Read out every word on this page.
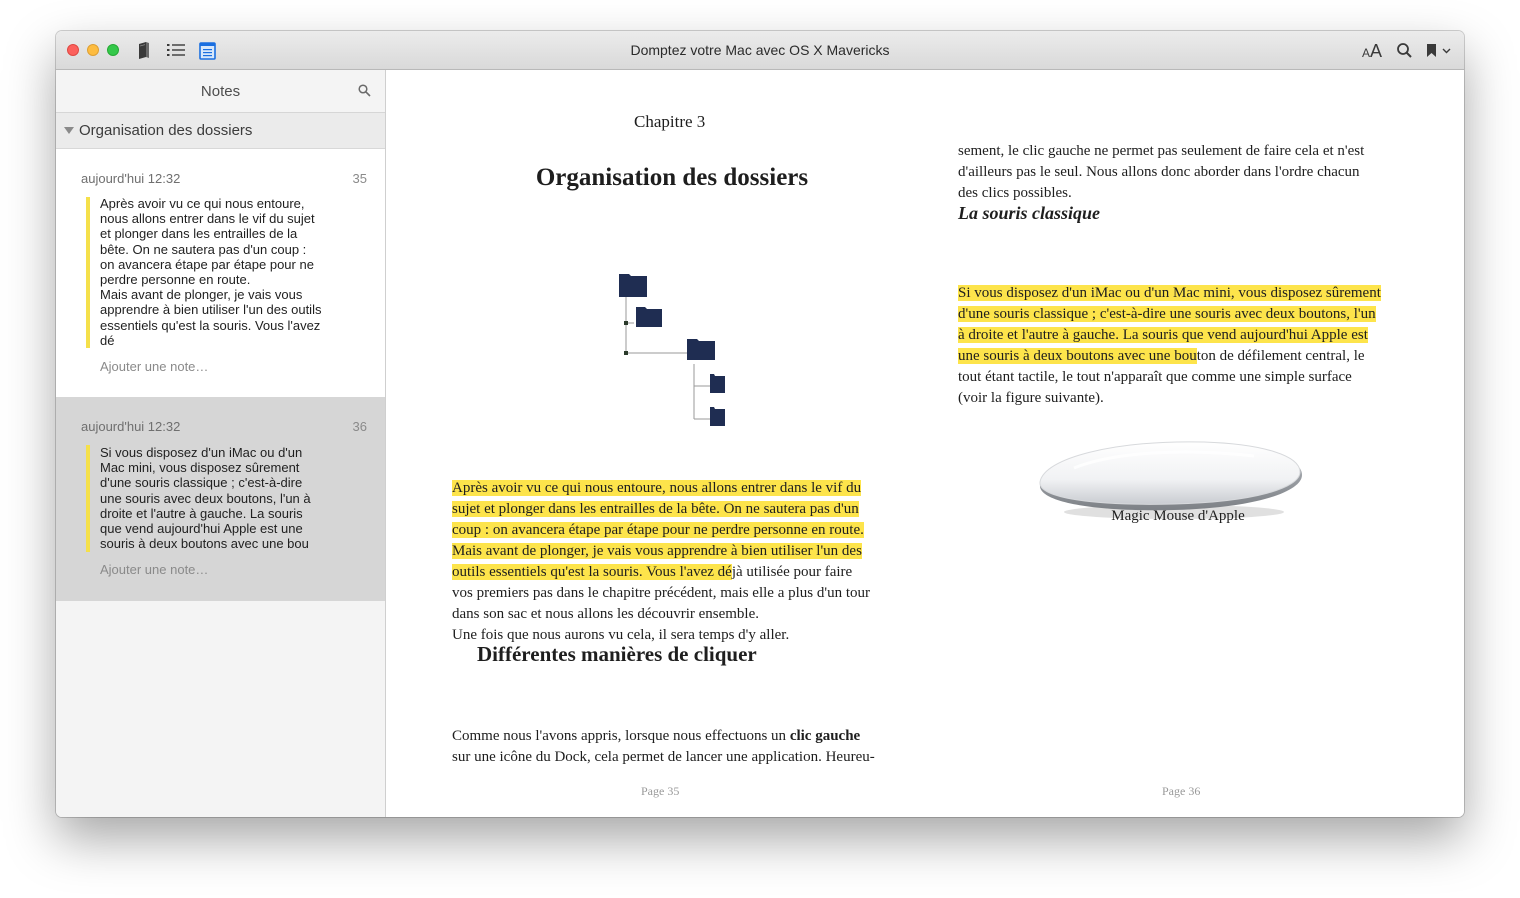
Domptez votre Mac avec OS X Mavericks	AA
Notes
Organisation des dossiers
aujourd'hui 12:32	35
Après avoir vu ce qui nous entoure,
nous allons entrer dans le vif du sujet
et plonger dans les entrailles de la
bête. On ne sautera pas d'un coup :
on avancera étape par étape pour ne
perdre personne en route.
Mais avant de plonger, je vais vous
apprendre à bien utiliser l'un des outils
essentiels qu'est la souris. Vous l'avez
dé
Ajouter une note…
aujourd'hui 12:32	36
Si vous disposez d'un iMac ou d'un
Mac mini, vous disposez sûrement
d'une souris classique ; c'est-à-dire
une souris avec deux boutons, l'un à
droite et l'autre à gauche. La souris
que vend aujourd'hui Apple est une
souris à deux boutons avec une bou
Ajouter une note…
Chapitre 3
Organisation des dossiers
Après avoir vu ce qui nous entoure, nous allons entrer dans le vif du
sujet et plonger dans les entrailles de la bête. On ne sautera pas d'un
coup : on avancera étape par étape pour ne perdre personne en route.
Mais avant de plonger, je vais vous apprendre à bien utiliser l'un des
outils essentiels qu'est la souris. Vous l'avez déjà utilisée pour faire
vos premiers pas dans le chapitre précédent, mais elle a plus d'un tour
dans son sac et nous allons les découvrir ensemble.
Une fois que nous aurons vu cela, il sera temps d'y aller.
Différentes manières de cliquer
Comme nous l'avons appris, lorsque nous effectuons un clic gauche
sur une icône du Dock, cela permet de lancer une application. Heureu-
Page 35
sement, le clic gauche ne permet pas seulement de faire cela et n'est
d'ailleurs pas le seul. Nous allons donc aborder dans l'ordre chacun
des clics possibles.
La souris classique
Si vous disposez d'un iMac ou d'un Mac mini, vous disposez sûrement
d'une souris classique ; c'est-à-dire une souris avec deux boutons, l'un
à droite et l'autre à gauche. La souris que vend aujourd'hui Apple est
une souris à deux boutons avec une bouton de défilement central, le
tout étant tactile, le tout n'apparaît que comme une simple surface
(voir la figure suivante).
Magic Mouse d'Apple
Page 36
